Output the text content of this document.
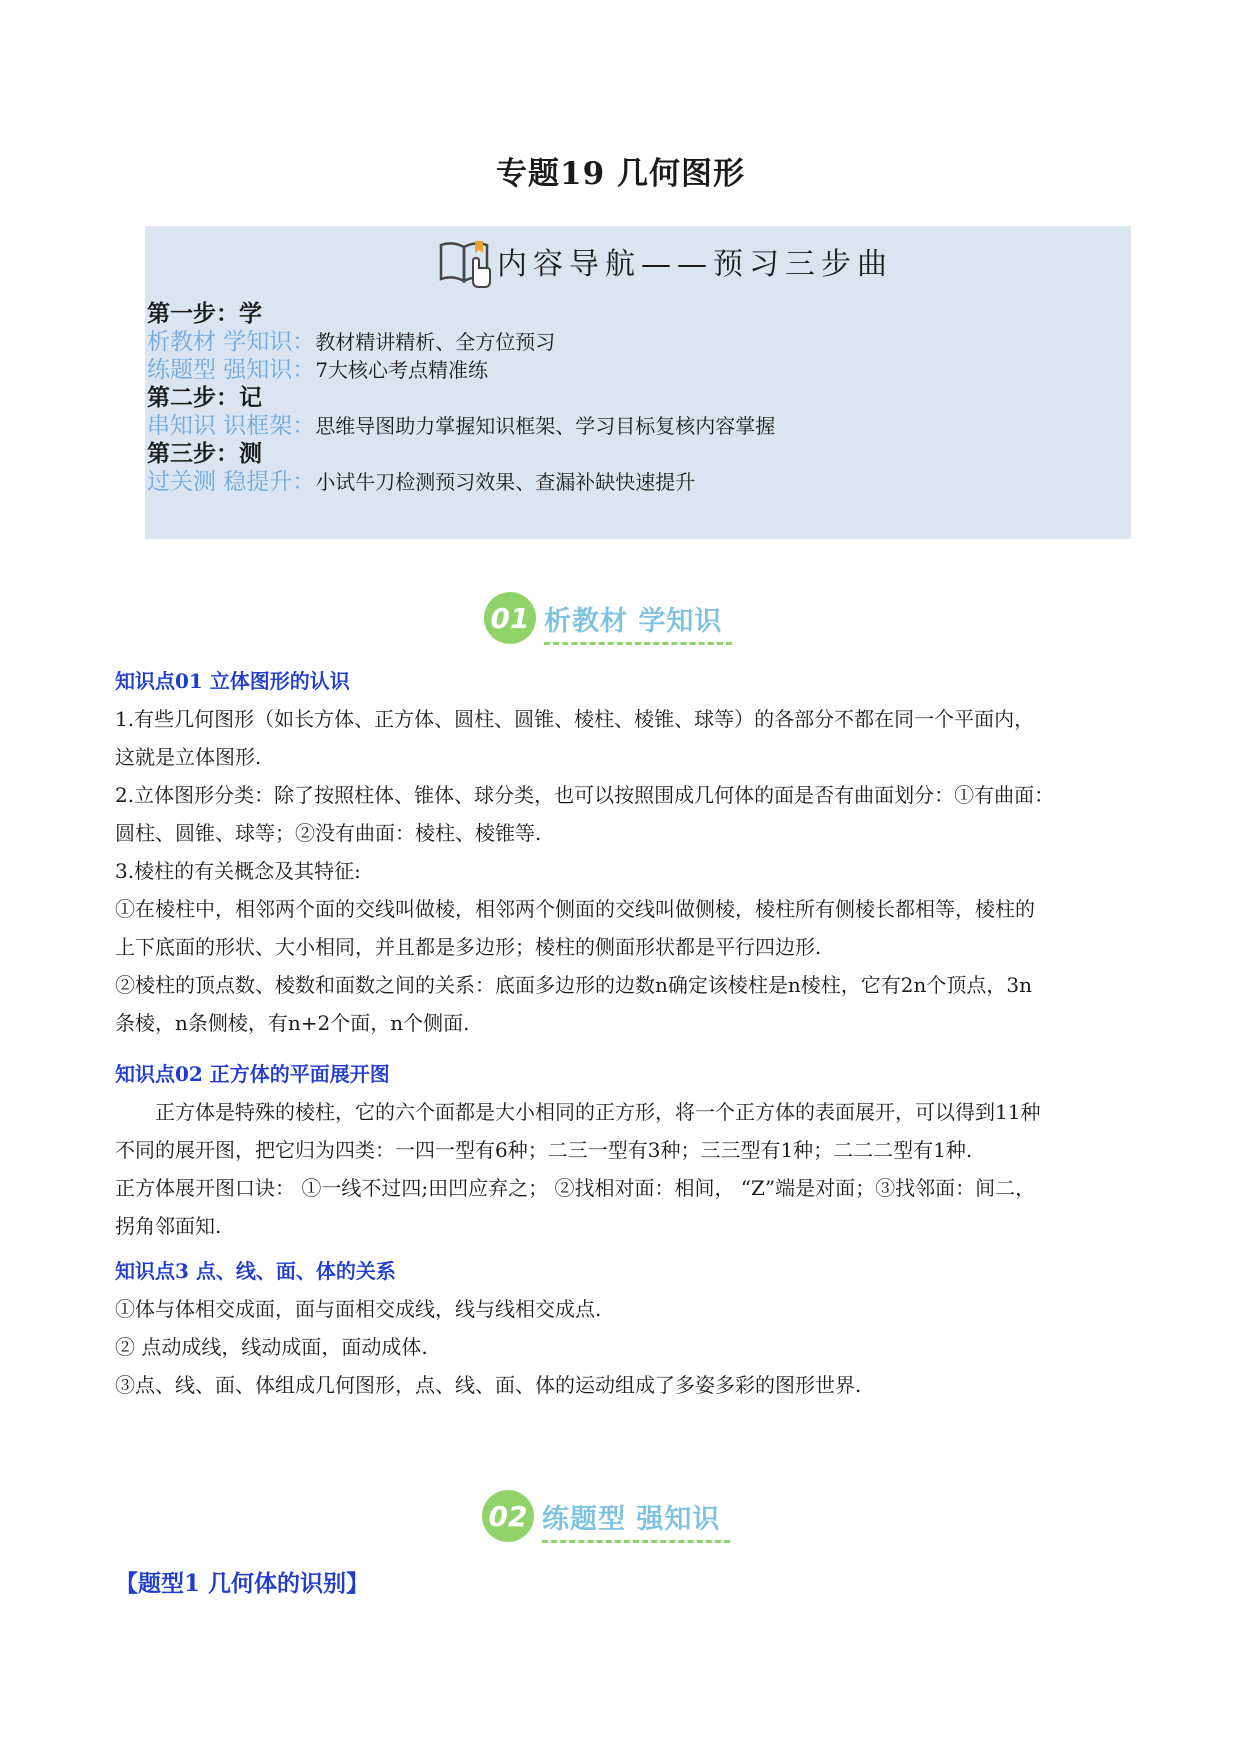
专题19 几何图形
内容导航——预习三步曲
第一步：学
析教材 学知识：教材精讲精析、全方位预习
练题型 强知识：7大核心考点精准练
第二步：记
串知识 识框架：思维导图助力掌握知识框架、学习目标复核内容掌握
第三步：测
过关测 稳提升：小试牛刀检测预习效果、查漏补缺快速提升
01 析教材 学知识
知识点01 立体图形的认识
1.有些几何图形（如长方体、正方体、圆柱、圆锥、棱柱、棱锥、球等）的各部分不都在同一个平面内，
这就是立体图形.
2.立体图形分类：除了按照柱体、锥体、球分类，也可以按照围成几何体的面是否有曲面划分：①有曲面：
圆柱、圆锥、球等；②没有曲面：棱柱、棱锥等.
3.棱柱的有关概念及其特征:
①在棱柱中，相邻两个面的交线叫做棱，相邻两个侧面的交线叫做侧棱，棱柱所有侧棱长都相等，棱柱的
上下底面的形状、大小相同，并且都是多边形；棱柱的侧面形状都是平行四边形.
②棱柱的顶点数、棱数和面数之间的关系：底面多边形的边数n确定该棱柱是n棱柱，它有2n个顶点，3n
条棱，n条侧棱，有n+2个面，n个侧面.
知识点02 正方体的平面展开图
　　正方体是特殊的棱柱，它的六个面都是大小相同的正方形，将一个正方体的表面展开，可以得到11种
不同的展开图，把它归为四类：一四一型有6种；二三一型有3种；三三型有1种；二二二型有1种.
正方体展开图口诀： ①一线不过四;田凹应弃之； ②找相对面：相间， “Z”端是对面；③找邻面：间二，
拐角邻面知.
知识点3 点、线、面、体的关系
①体与体相交成面，面与面相交成线，线与线相交成点.
② 点动成线，线动成面，面动成体.
③点、线、面、体组成几何图形，点、线、面、体的运动组成了多姿多彩的图形世界.
02 练题型 强知识
【题型1 几何体的识别】
